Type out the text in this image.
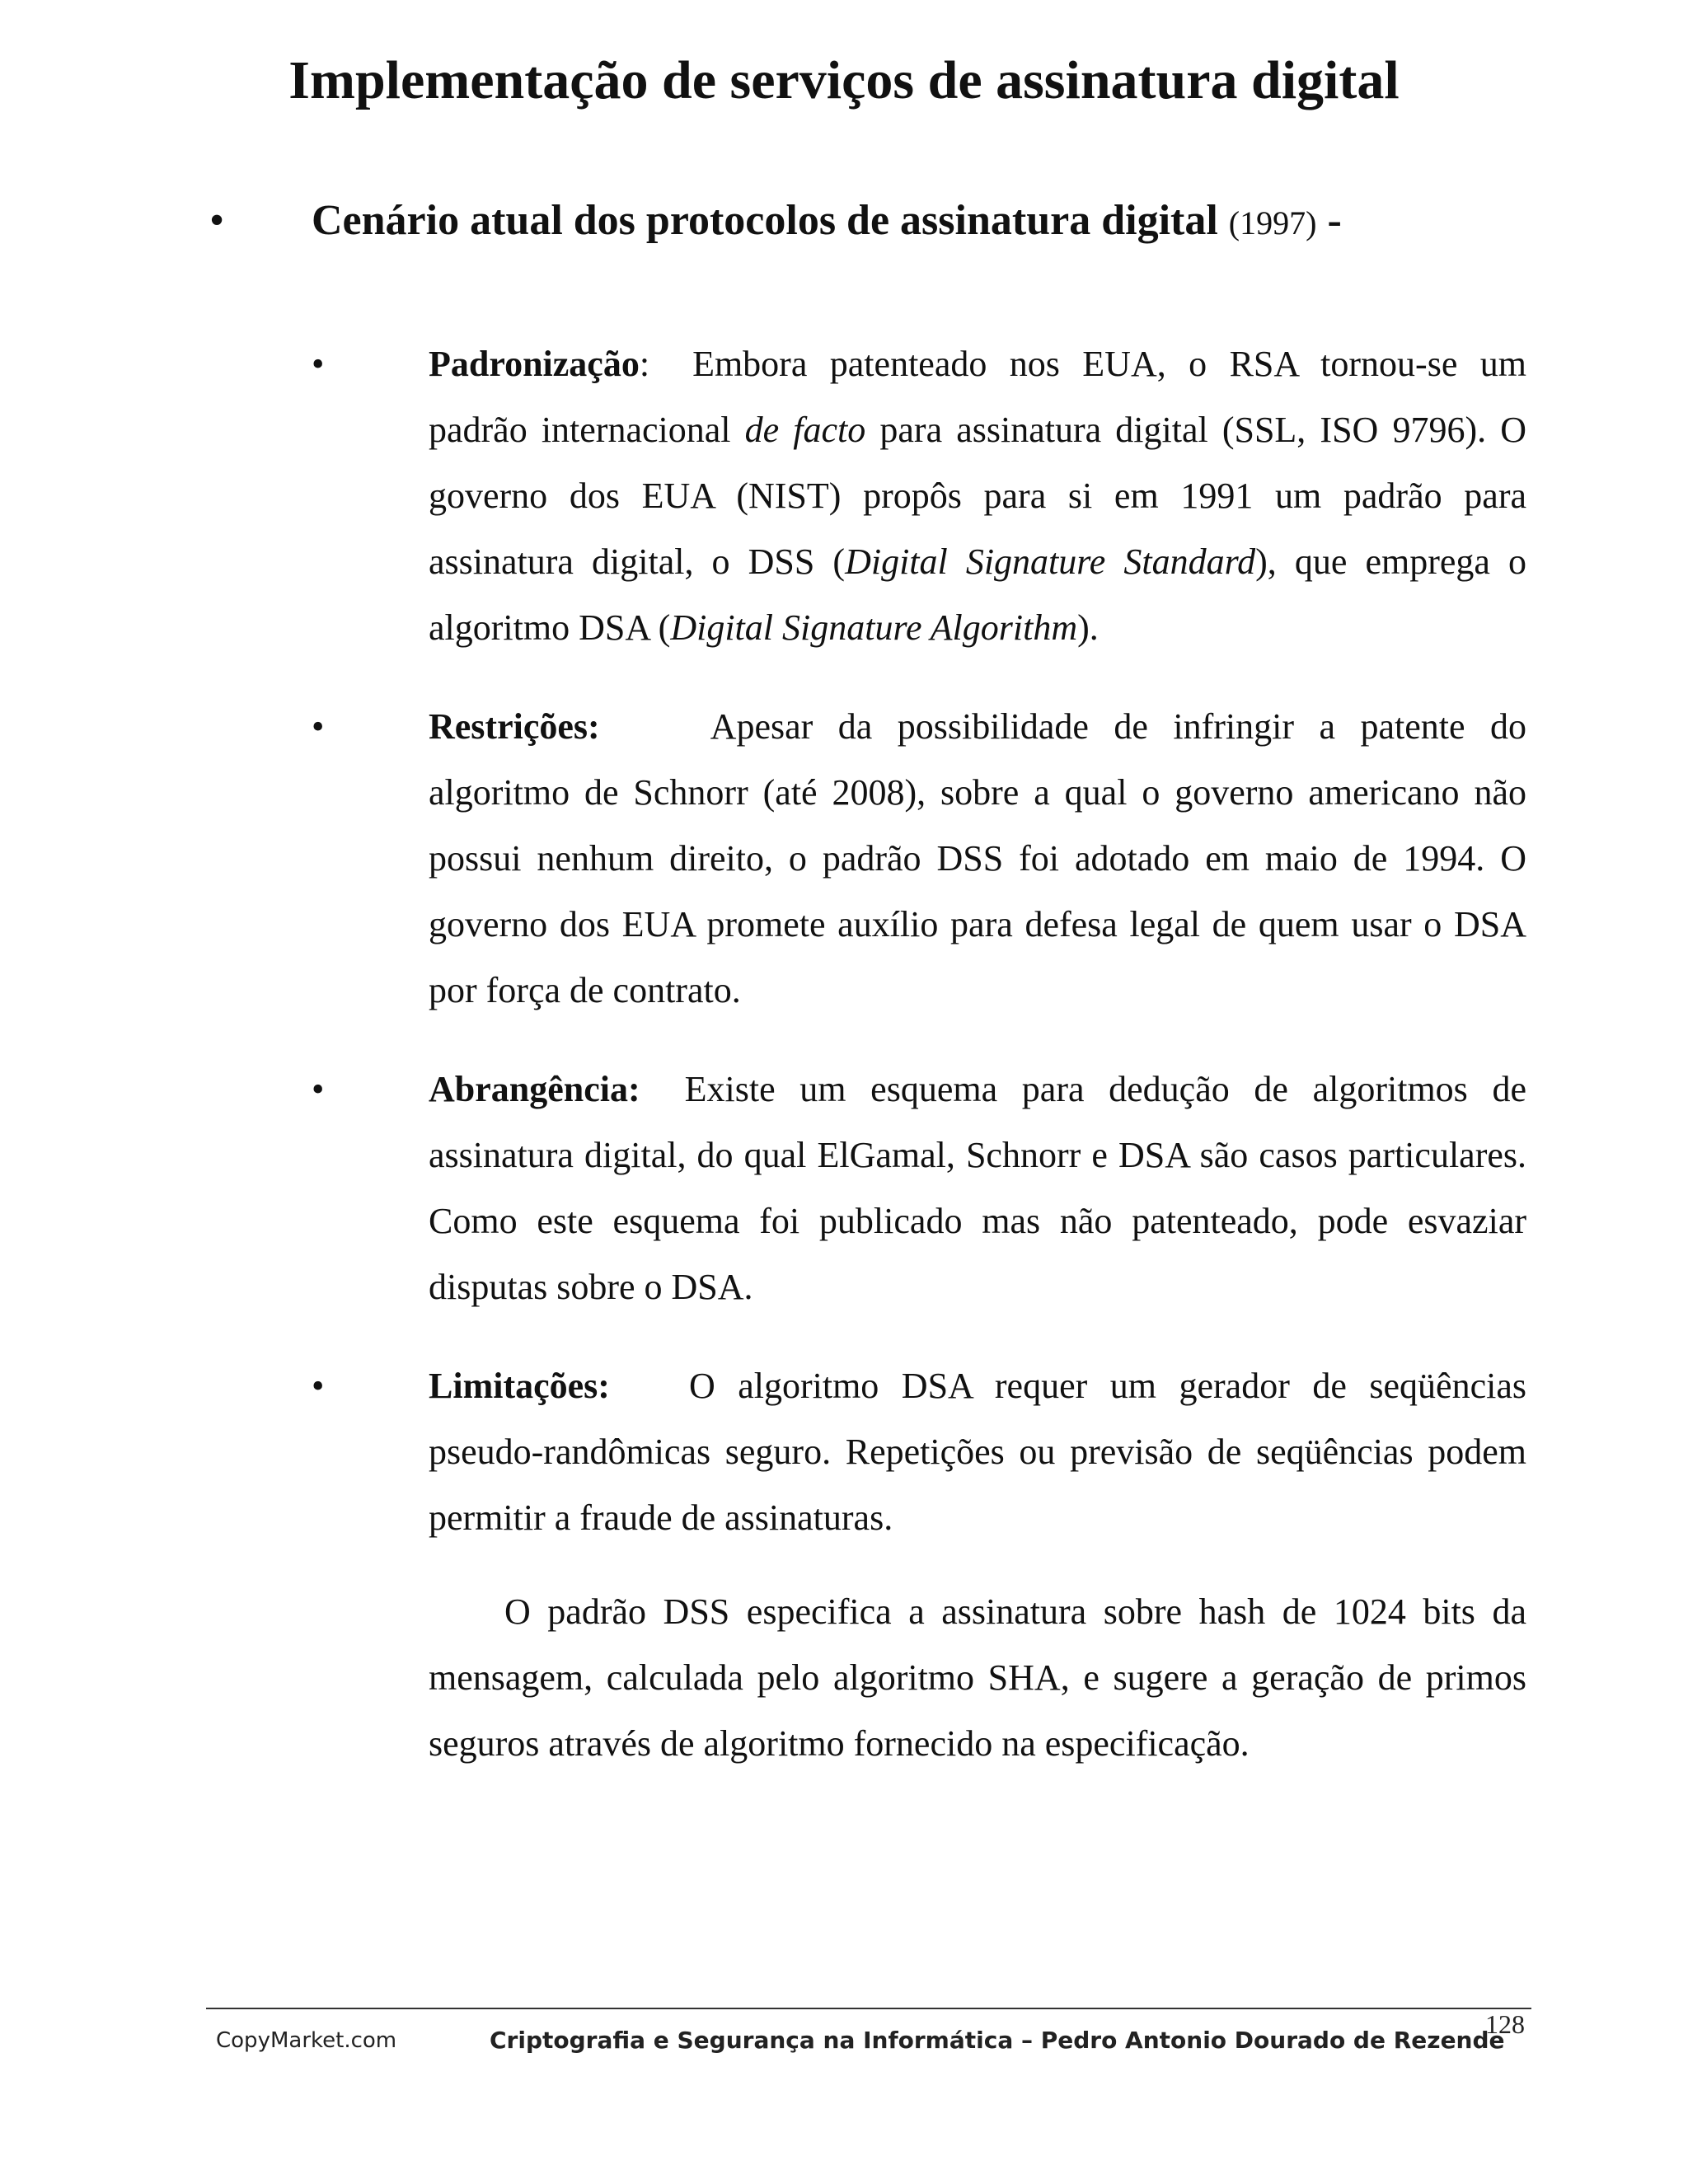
Implementação de serviços de assinatura digital
• Cenário atual dos protocolos de assinatura digital (1997) -
•	Padronização: Embora patenteado nos EUA, o RSA tornou-se um padrão internacional de facto para assinatura digital (SSL, ISO 9796). O governo dos EUA (NIST) propôs para si em 1991 um padrão para assinatura digital, o DSS (Digital Signature Standard), que emprega o algoritmo DSA (Digital Signature Algorithm).
•	Restrições:	Apesar da possibilidade de infringir a patente do algoritmo de Schnorr (até 2008), sobre a qual o governo americano não possui nenhum direito, o padrão DSS foi adotado em maio de 1994. O governo dos EUA promete auxílio para defesa legal de quem usar o DSA por força de contrato.
•	Abrangência: Existe um esquema para dedução de algoritmos de assinatura digital, do qual ElGamal, Schnorr e DSA são casos particulares. Como este esquema foi publicado mas não patenteado, pode esvaziar disputas sobre o DSA.
•	Limitações: O algoritmo DSA requer um gerador de seqüências pseudo-randômicas seguro. Repetições ou previsão de seqüências podem permitir a fraude de assinaturas.

O padrão DSS especifica a assinatura sobre hash de 1024 bits da mensagem, calculada pelo algoritmo SHA, e sugere a geração de primos seguros através de algoritmo fornecido na especificação.

128
CopyMarket.com	Criptografia e Segurança na Informática – Pedro Antonio Dourado de Rezende
